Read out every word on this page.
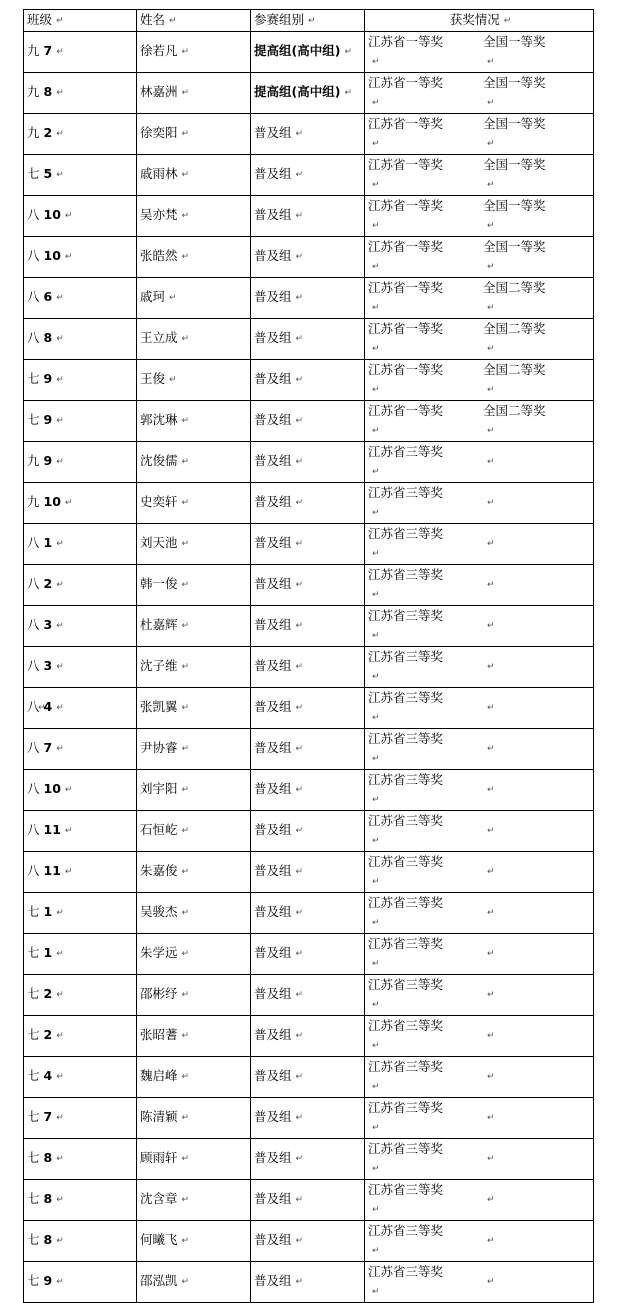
班级 ↵	姓名 ↵	参赛组别 ↵	获奖情况 ↵
九 7 ↵	徐若凡 ↵	提高组(高中组) ↵	江苏省一等奖
↵
全国一等奖
↵

九 8 ↵	林嘉洲 ↵	提高组(高中组) ↵	江苏省一等奖
↵
全国一等奖
↵

九 2 ↵	徐奕阳 ↵	普及组 ↵	江苏省一等奖
↵
全国一等奖
↵

七 5 ↵	戚雨林 ↵	普及组 ↵	江苏省一等奖
↵
全国一等奖
↵

八 10 ↵	吴亦梵 ↵	普及组 ↵	江苏省一等奖
↵
全国一等奖
↵

八 10 ↵	张皓然 ↵	普及组 ↵	江苏省一等奖
↵
全国一等奖
↵

八 6 ↵	戚珂 ↵	普及组 ↵	江苏省一等奖
↵
全国二等奖
↵

八 8 ↵	王立成 ↵	普及组 ↵	江苏省一等奖
↵
全国二等奖
↵

七 9 ↵	王俊 ↵	普及组 ↵	江苏省一等奖
↵
全国二等奖
↵

七 9 ↵	郭沈琳 ↵	普及组 ↵	江苏省一等奖
↵
全国二等奖
↵

九 9 ↵	沈俊儒 ↵	普及组 ↵	江苏省三等奖
↵
↵

九 10 ↵	史奕轩 ↵	普及组 ↵	江苏省三等奖
↵
↵

八 1 ↵	刘天池 ↵	普及组 ↵	江苏省三等奖
↵
↵

八 2 ↵	韩一俊 ↵	普及组 ↵	江苏省三等奖
↵
↵

八 3 ↵	杜嘉辉 ↵	普及组 ↵	江苏省三等奖
↵
↵

八 3 ↵	沈子维 ↵	普及组 ↵	江苏省三等奖
↵
↵

八 4 ↵	张凯翼 ↵	普及组 ↵	江苏省三等奖
↵
↵

八 7 ↵	尹协睿 ↵	普及组 ↵	江苏省三等奖
↵
↵

八 10 ↵	刘宇阳 ↵	普及组 ↵	江苏省三等奖
↵
↵

八 11 ↵	石恒屹 ↵	普及组 ↵	江苏省三等奖
↵
↵

八 11 ↵	朱嘉俊 ↵	普及组 ↵	江苏省三等奖
↵
↵

七 1 ↵	吴骏杰 ↵	普及组 ↵	江苏省三等奖
↵
↵

七 1 ↵	朱学远 ↵	普及组 ↵	江苏省三等奖
↵
↵

七 2 ↵	邵彬纾 ↵	普及组 ↵	江苏省三等奖
↵
↵

七 2 ↵	张昭蓍 ↵	普及组 ↵	江苏省三等奖
↵
↵

七 4 ↵	魏启峰 ↵	普及组 ↵	江苏省三等奖
↵
↵

七 7 ↵	陈清颖 ↵	普及组 ↵	江苏省三等奖
↵
↵

七 8 ↵	顾雨轩 ↵	普及组 ↵	江苏省三等奖
↵
↵

七 8 ↵	沈含章 ↵	普及组 ↵	江苏省三等奖
↵
↵

七 8 ↵	何曦飞 ↵	普及组 ↵	江苏省三等奖
↵
↵

七 9 ↵	邵泓凯 ↵	普及组 ↵	江苏省三等奖
↵
↵
↵
